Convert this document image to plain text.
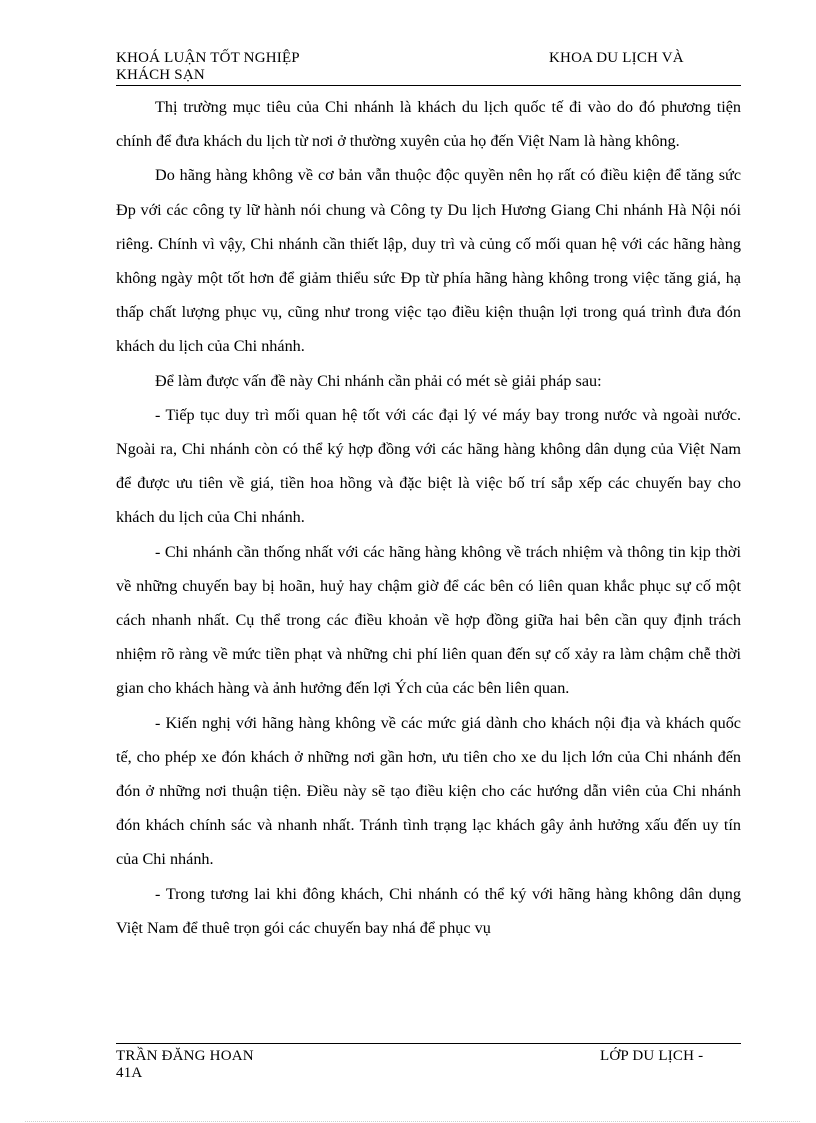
KHOÁ LUẬN TỐT NGHIỆP
KHÁCH SẠN
KHOA DU LỊCH VÀ

Thị trường mục tiêu của Chi nhánh là khách du lịch quốc tế đi vào do đó phương tiện chính để đưa khách du lịch từ nơi ở thường xuyên của họ đến Việt Nam là hàng không.

Do hãng hàng không về cơ bản vẫn thuộc độc quyền nên họ rất có điều kiện để tăng sức Ðp với các công ty lữ hành nói chung và Công ty Du lịch Hương Giang Chi nhánh Hà Nội nói riêng. Chính vì vậy, Chi nhánh cần thiết lập, duy trì và củng cố mối quan hệ với các hãng hàng không ngày một tốt hơn để giảm thiểu sức Ðp từ phía hãng hàng không trong việc tăng giá, hạ thấp chất lượng phục vụ, cũng như trong việc tạo điều kiện thuận lợi trong quá trình đưa đón khách du lịch của Chi nhánh.

Để làm được vấn đề này Chi nhánh cần phải có mét sè giải pháp sau:

- Tiếp tục duy trì mối quan hệ tốt với các đại lý vé máy bay trong nước và ngoài nước. Ngoài ra, Chi nhánh còn có thể ký hợp đồng với các hãng hàng không dân dụng của Việt Nam để được ưu tiên về giá, tiền hoa hồng và đặc biệt là việc bố trí sắp xếp các chuyến bay cho khách du lịch của Chi nhánh.

- Chi nhánh cần thống nhất với các hãng hàng không về trách nhiệm và thông tin kịp thời về những chuyến bay bị hoãn, huỷ hay chậm giờ để các bên có liên quan khắc phục sự cố một cách nhanh nhất. Cụ thể trong các điều khoản về hợp đồng giữa hai bên cần quy định trách nhiệm rõ ràng về mức tiền phạt và những chi phí liên quan đến sự cố xảy ra làm chậm chễ thời gian cho khách hàng và ảnh hưởng đến lợi Ých của các bên liên quan.

- Kiến nghị với hãng hàng không về các mức giá dành cho khách nội địa và khách quốc tế, cho phép xe đón khách ở những nơi gần hơn, ưu tiên cho xe du lịch lớn của Chi nhánh đến đón ở những nơi thuận tiện. Điều này sẽ tạo điều kiện cho các hướng dẫn viên của Chi nhánh đón khách chính sác và nhanh nhất. Tránh tình trạng lạc khách gây ảnh hưởng xấu đến uy tín của Chi nhánh.

- Trong tương lai khi đông khách, Chi nhánh có thể ký với hãng hàng không dân dụng Việt Nam để thuê trọn gói các chuyến bay nhá để phục vụ

TRẦN ĐĂNG HOAN
41A
LỚP DU LỊCH -
